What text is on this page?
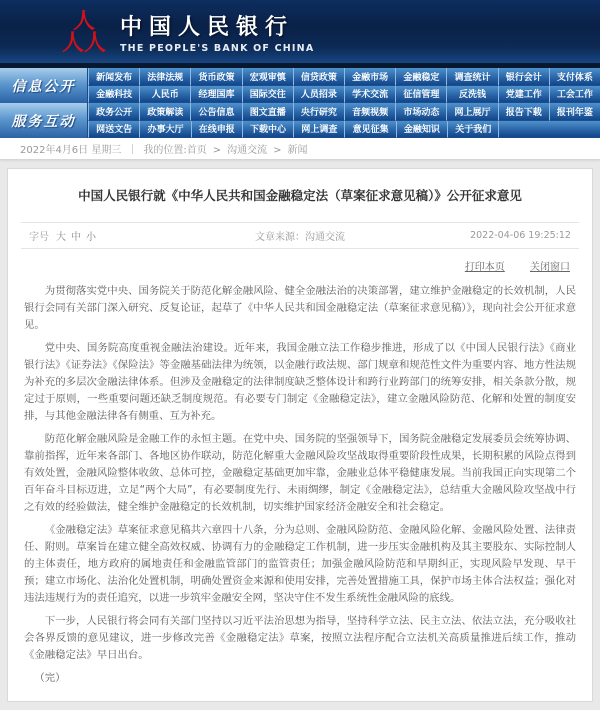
人
人 人
中国人民银行
THE PEOPLE'S BANK OF CHINA
信息公开
新闻发布	法律法规	货币政策	宏观审慎	信贷政策	金融市场	金融稳定	调查统计	银行会计	支付体系
金融科技	人民币	经理国库	国际交往	人员招录	学术交流	征信管理	反洗钱	党建工作	工会工作
服务互动
政务公开	政策解读	公告信息	图文直播	央行研究	音频视频	市场动态	网上展厅	报告下载	报刊年鉴
网送文告	办事大厅	在线申报	下载中心	网上调查	意见征集	金融知识	关于我们
2022年4月6日 星期三 ｜ 我的位置:首页 > 沟通交流 > 新闻
中国人民银行就《中华人民共和国金融稳定法（草案征求意见稿）》公开征求意见
字号 大 中 小	文章来源：沟通交流	2022-04-06 19:25:12
打印本页	关闭窗口

为贯彻落实党中央、国务院关于防范化解金融风险、健全金融法治的决策部署，建立维护金融稳定的长效机制，人民银行会同有关部门深入研究、反复论证，起草了《中华人民共和国金融稳定法（草案征求意见稿）》，现向社会公开征求意见。

党中央、国务院高度重视金融法治建设。近年来，我国金融立法工作稳步推进，形成了以《中国人民银行法》《商业银行法》《证券法》《保险法》等金融基础法律为统领，以金融行政法规、部门规章和规范性文件为重要内容、地方性法规为补充的多层次金融法律体系。但涉及金融稳定的法律制度缺乏整体设计和跨行业跨部门的统筹安排，相关条款分散，规定过于原则，一些重要问题还缺乏制度规范。有必要专门制定《金融稳定法》，建立金融风险防范、化解和处置的制度安排，与其他金融法律各有侧重、互为补充。

防范化解金融风险是金融工作的永恒主题。在党中央、国务院的坚强领导下，国务院金融稳定发展委员会统筹协调、靠前指挥，近年来各部门、各地区协作联动，防范化解重大金融风险攻坚战取得重要阶段性成果，长期积累的风险点得到有效处置，金融风险整体收敛、总体可控，金融稳定基础更加牢靠，金融业总体平稳健康发展。当前我国正向实现第二个百年奋斗目标迈进，立足“两个大局”，有必要制度先行、未雨绸缪，制定《金融稳定法》，总结重大金融风险攻坚战中行之有效的经验做法，健全维护金融稳定的长效机制，切实维护国家经济金融安全和社会稳定。

《金融稳定法》草案征求意见稿共六章四十八条，分为总则、金融风险防范、金融风险化解、金融风险处置、法律责任、附则。草案旨在建立健全高效权威、协调有力的金融稳定工作机制，进一步压实金融机构及其主要股东、实际控制人的主体责任，地方政府的属地责任和金融监管部门的监管责任；加强金融风险防范和早期纠正，实现风险早发现、早干预；建立市场化、法治化处置机制，明确处置资金来源和使用安排，完善处置措施工具，保护市场主体合法权益；强化对违法违规行为的责任追究，以进一步筑牢金融安全网，坚决守住不发生系统性金融风险的底线。

下一步，人民银行将会同有关部门坚持以习近平法治思想为指导，坚持科学立法、民主立法、依法立法，充分吸收社会各界反馈的意见建议，进一步修改完善《金融稳定法》草案，按照立法程序配合立法机关高质量推进后续工作，推动《金融稳定法》早日出台。

（完）
